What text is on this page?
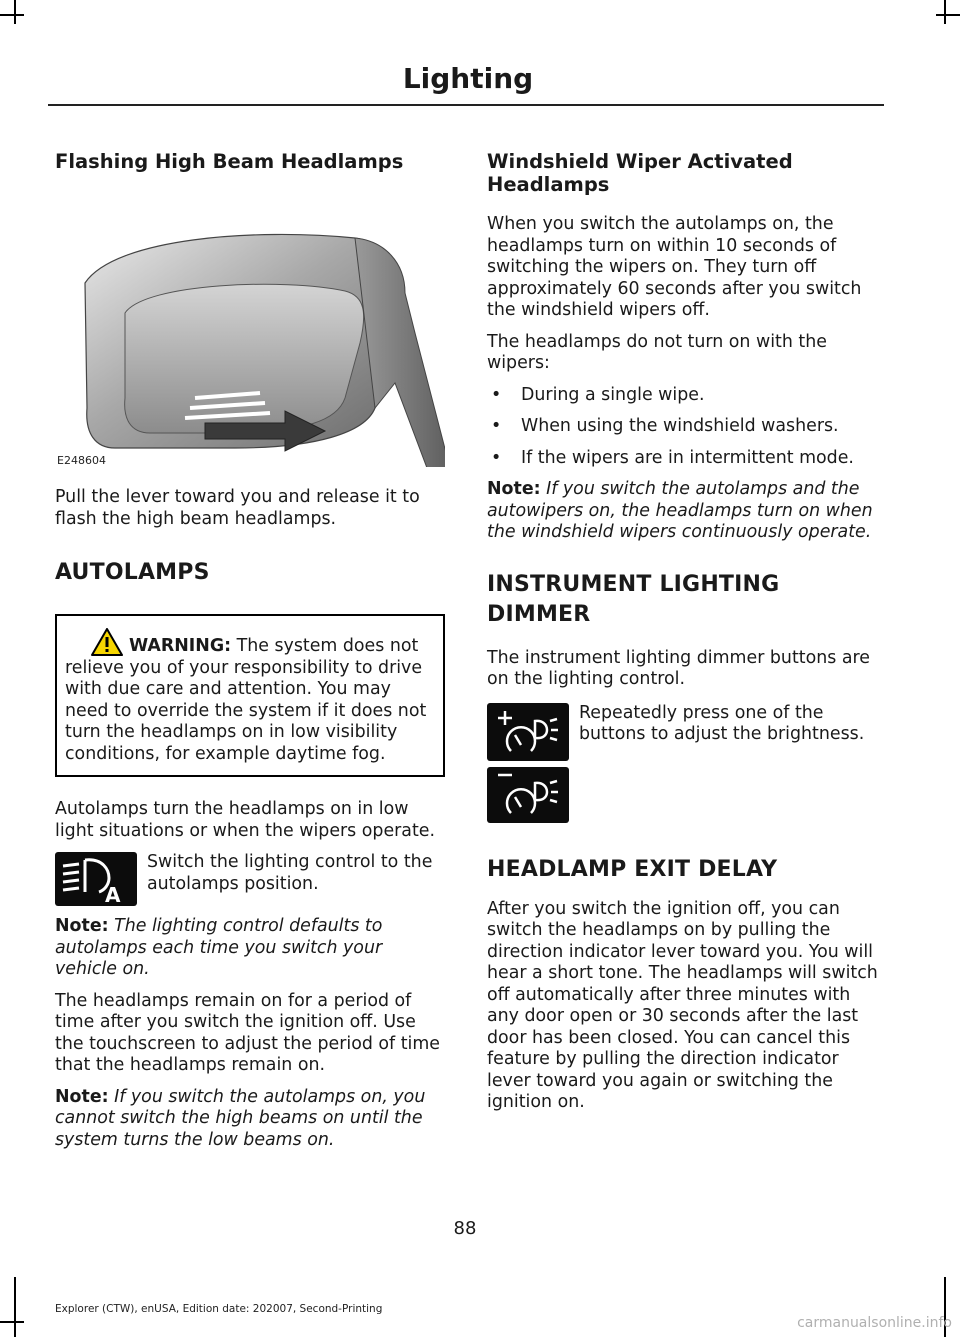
Lighting
Flashing High Beam Headlamps
E248604

Pull the lever toward you and release it to flash the high beam headlamps.

AUTOLAMPS
WARNING: The system does not relieve you of your responsibility to drive with due care and attention. You may need to override the system if it does not turn the headlamps on in low visibility conditions, for example daytime fog.

Autolamps turn the headlamps on in low light situations or when the wipers operate.

A

Switch the lighting control to the autolamps position.

Note: The lighting control defaults to autolamps each time you switch your vehicle on.

The headlamps remain on for a period of time after you switch the ignition off. Use the touchscreen to adjust the period of time that the headlamps remain on.

Note: If you switch the autolamps on, you cannot switch the high beams on until the system turns the low beams on.

Windshield Wiper Activated Headlamps

When you switch the autolamps on, the headlamps turn on within 10 seconds of switching the wipers on. They turn off approximately 60 seconds after you switch the windshield wipers off.

The headlamps do not turn on with the wipers:

• During a single wipe.
• When using the windshield washers.
• If the wipers are in intermittent mode.

Note: If you switch the autolamps and the autowipers on, the headlamps turn on when the windshield wipers continuously operate.

INSTRUMENT LIGHTING
DIMMER

The instrument lighting dimmer buttons are on the lighting control.

Repeatedly press one of the buttons to adjust the brightness.

HEADLAMP EXIT DELAY

After you switch the ignition off, you can switch the headlamps on by pulling the direction indicator lever toward you. You will hear a short tone. The headlamps will switch off automatically after three minutes with any door open or 30 seconds after the last door has been closed. You can cancel this feature by pulling the direction indicator lever toward you again or switching the ignition on.

88
Explorer (CTW), enUSA, Edition date: 202007, Second-Printing
carmanualsonline.info
